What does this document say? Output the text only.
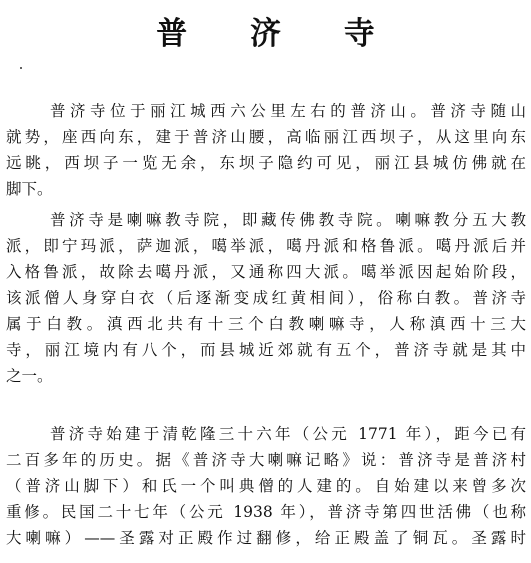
普 济 寺
普济寺位于丽江城西六公里左右的普济山。普济寺随山
就势，座西向东，建于普济山腰，高临丽江西坝子，从这里向东
远眺，西坝子一览无余，东坝子隐约可见，丽江县城仿佛就在
脚下。
普济寺是喇嘛教寺院，即藏传佛教寺院。喇嘛教分五大教
派，即宁玛派，萨迦派，噶举派，噶丹派和格鲁派。噶丹派后并
入格鲁派，故除去噶丹派，又通称四大派。噶举派因起始阶段，
该派僧人身穿白衣（后逐渐变成红黄相间），俗称白教。普济寺
属于白教。滇西北共有十三个白教喇嘛寺，人称滇西十三大
寺，丽江境内有八个，而县城近郊就有五个，普济寺就是其中
之一。
普济寺始建于清乾隆三十六年（公元 1771 年），距今已有
二百多年的历史。据《普济寺大喇嘛记略》说：普济寺是普济村
（普济山脚下）和氏一个叫典僧的人建的。自始建以来曾多次
重修。民国二十七年（公元 1938 年），普济寺第四世活佛（也称
大喇嘛）——圣露对正殿作过翻修，给正殿盖了铜瓦。圣露时
